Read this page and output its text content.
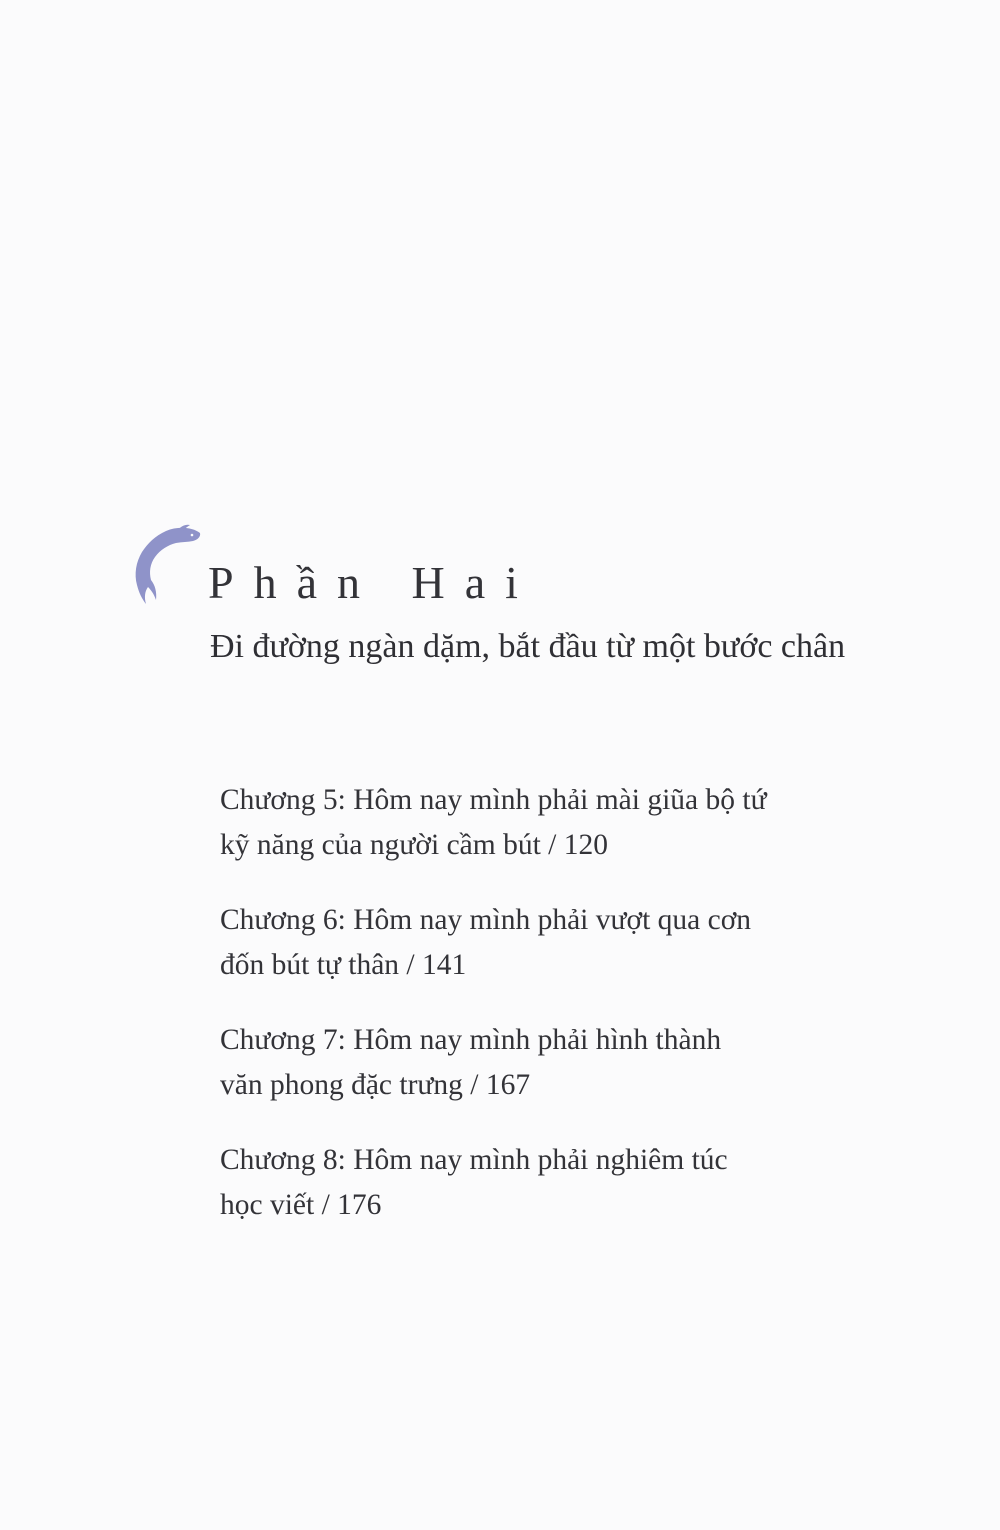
Phần Hai
Đi đường ngàn dặm, bắt đầu từ một bước chân

Chương 5: Hôm nay mình phải mài giũa bộ tứ
kỹ năng của người cầm bút / 120

Chương 6: Hôm nay mình phải vượt qua cơn
đốn bút tự thân / 141

Chương 7: Hôm nay mình phải hình thành
văn phong đặc trưng / 167

Chương 8: Hôm nay mình phải nghiêm túc
học viết / 176
